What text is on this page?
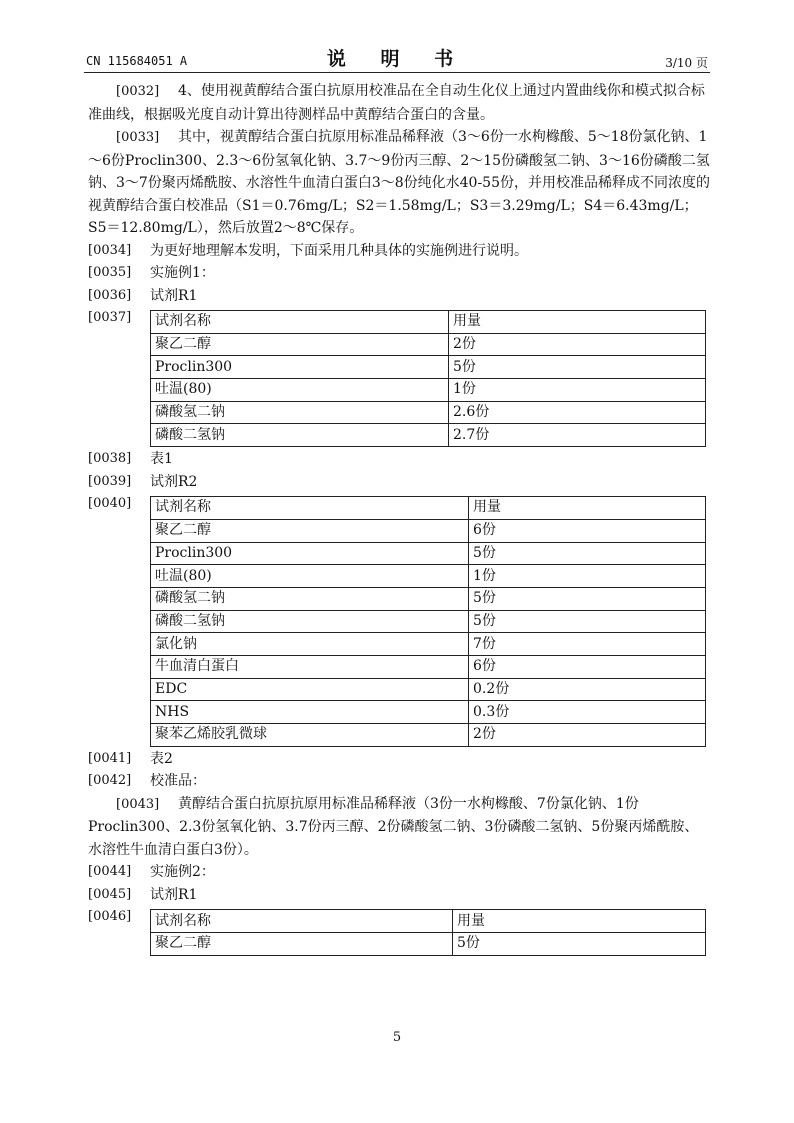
CN 115684051 A	说 明 书	3/10 页

[0032] 4、使用视黄醇结合蛋白抗原用校准品在全自动生化仪上通过内置曲线你和模式拟合标准曲线，根据吸光度自动计算出待测样品中黄醇结合蛋白的含量。

[0033] 其中，视黄醇结合蛋白抗原用标准品稀释液（3～6份一水枸橼酸、5～18份氯化钠、1～6份Proclin300、2.3～6份氢氧化钠、3.7～9份丙三醇、2～15份磷酸氢二钠、3～16份磷酸二氢钠、3～7份聚丙烯酰胺、水溶性牛血清白蛋白3～8份纯化水40-55份，并用校准品稀释成不同浓度的视黄醇结合蛋白校准品（S1＝0.76mg/L；S2＝1.58mg/L；S3＝3.29mg/L；S4＝6.43mg/L；S5＝12.80mg/L），然后放置2～8℃保存。

[0034] 为更好地理解本发明，下面采用几种具体的实施例进行说明。

[0035] 实施例1：

[0036] 试剂R1

[0037] 试剂名称	用量
聚乙二醇	2份
Proclin300	5份
吐温(80)	1份
磷酸氢二钠	2.6份
磷酸二氢钠	2.7份

[0038] 表1

[0039] 试剂R2

[0040] 试剂名称	用量
聚乙二醇	6份
Proclin300	5份
吐温(80)	1份
磷酸氢二钠	5份
磷酸二氢钠	5份
氯化钠	7份
牛血清白蛋白	6份
EDC	0.2份
NHS	0.3份
聚苯乙烯胶乳微球	2份

[0041] 表2

[0042] 校准品：

[0043] 黄醇结合蛋白抗原抗原用标准品稀释液（3份一水枸橼酸、7份氯化钠、1份Proclin300、2.3份氢氧化钠、3.7份丙三醇、2份磷酸氢二钠、3份磷酸二氢钠、5份聚丙烯酰胺、水溶性牛血清白蛋白3份）。

[0044] 实施例2：

[0045] 试剂R1

[0046] 试剂名称	用量
聚乙二醇	5份
5
